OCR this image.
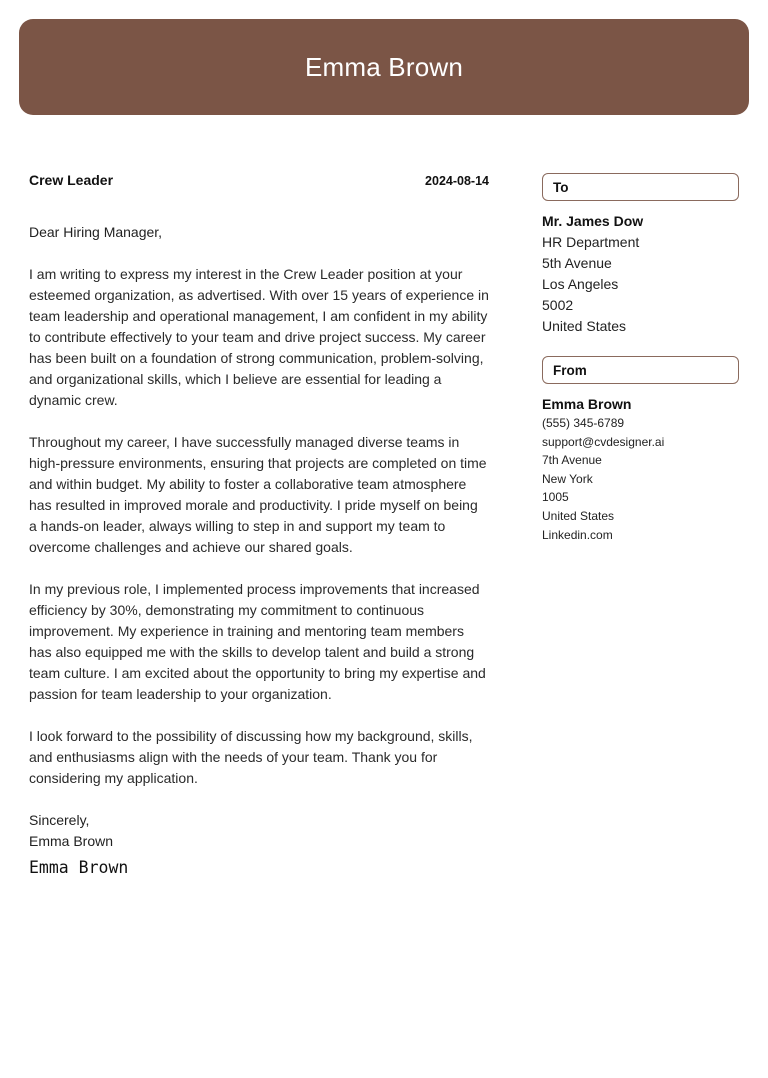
Emma Brown
Crew Leader	2024-08-14
Dear Hiring Manager,
I am writing to express my interest in the Crew Leader position at your esteemed organization, as advertised. With over 15 years of experience in team leadership and operational management, I am confident in my ability to contribute effectively to your team and drive project success. My career has been built on a foundation of strong communication, problem-solving, and organizational skills, which I believe are essential for leading a dynamic crew.
Throughout my career, I have successfully managed diverse teams in high-pressure environments, ensuring that projects are completed on time and within budget. My ability to foster a collaborative team atmosphere has resulted in improved morale and productivity. I pride myself on being a hands-on leader, always willing to step in and support my team to overcome challenges and achieve our shared goals.
In my previous role, I implemented process improvements that increased efficiency by 30%, demonstrating my commitment to continuous improvement. My experience in training and mentoring team members has also equipped me with the skills to develop talent and build a strong team culture. I am excited about the opportunity to bring my expertise and passion for team leadership to your organization.
I look forward to the possibility of discussing how my background, skills, and enthusiasms align with the needs of your team. Thank you for considering my application.
Sincerely,
Emma Brown
Emma Brown
To
Mr. James Dow
HR Department
5th Avenue
Los Angeles
5002
United States
From
Emma Brown
(555) 345-6789
support@cvdesigner.ai
7th Avenue
New York
1005
United States
Linkedin.com
